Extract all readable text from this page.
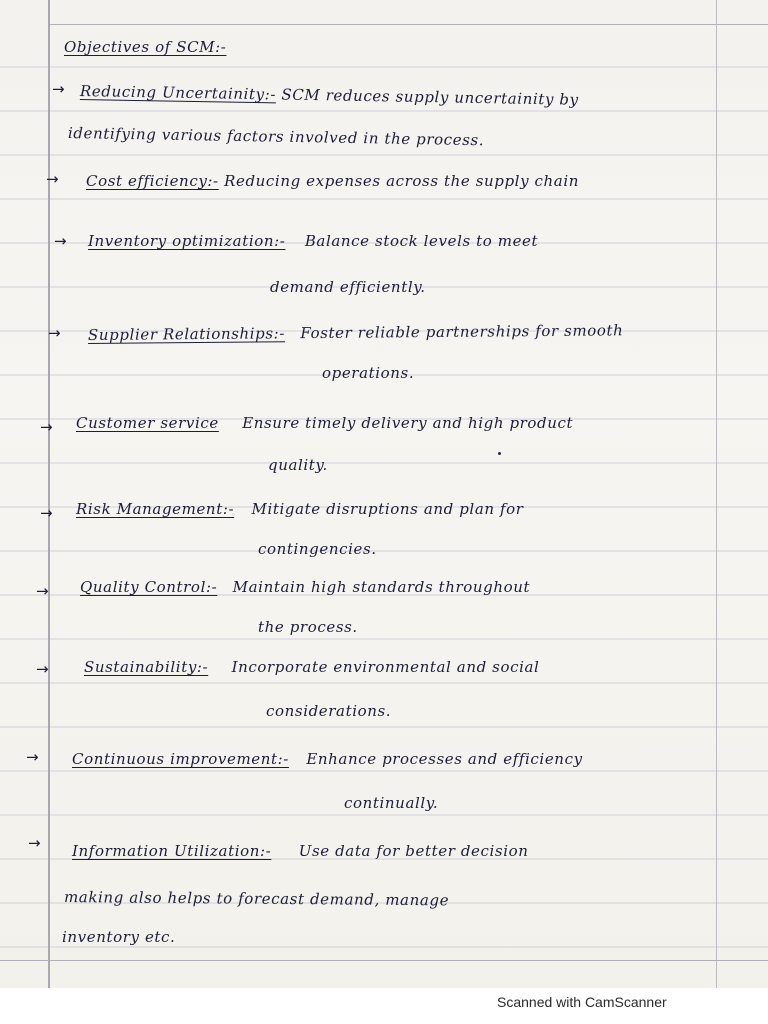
Objectives of SCM:-
→ Reducing Uncertainity:- SCM reduces supply uncertainity by
identifying various factors involved in the process.
→ Cost efficiency:- Reducing expenses across the supply chain
→ Inventory optimization:- Balance stock levels to meet
demand efficiently.
→ Supplier Relationships:- Foster reliable partnerships for smooth
operations.
→ Customer service Ensure timely delivery and high product
quality.
→ Risk Management:- Mitigate disruptions and plan for
contingencies.
→ Quality Control:- Maintain high standards throughout
the process.
→ Sustainability:- Incorporate environmental and social
considerations.
→ Continuous improvement:- Enhance processes and efficiency
continually.
→ Information Utilization:- Use data for better decision
making also helps to forecast demand, manage
inventory etc.
Scanned with CamScanner
